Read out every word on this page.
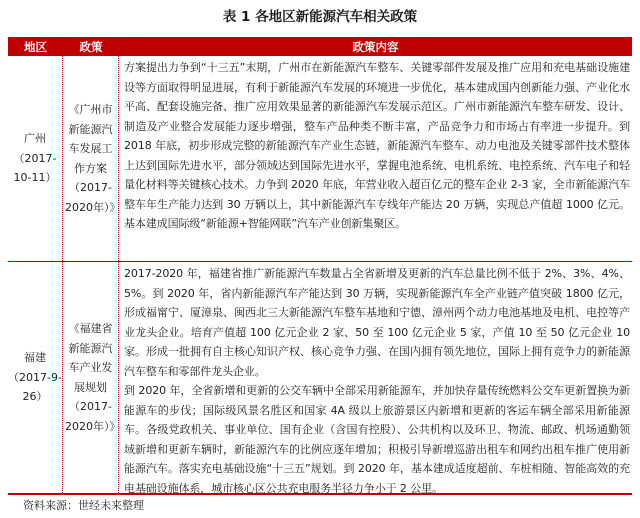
表 1 各地区新能源汽车相关政策
地区	政策	政策内容
广州（2017-10-11）
《广州市新能源汽车发展工作方案（2017-2020年）》

方案提出力争到“十三五”末期，广州市在新能源汽车整车、关键零部件发展及推广应用和充电基础设施建设等方面取得明显进展，有利于新能源汽车发展的环境进一步优化，基本建成国内创新能力强、产业化水平高、配套设施完备、推广应用效果显著的新能源汽车发展示范区。广州市新能源汽车整车研发、设计、制造及产业整合发展能力逐步增强，整车产品种类不断丰富，产品竞争力和市场占有率进一步提升。到 2018 年底，初步形成完整的新能源汽车产业生态链，新能源汽车整车、动力电池及关键零部件技术整体上达到国际先进水平，部分领域达到国际先进水平，掌握电池系统、电机系统、电控系统、汽车电子和轻量化材料等关键核心技术。力争到 2020 年底，年营业收入超百亿元的整车企业 2-3 家，全市新能源汽车整车年生产能力达到 30 万辆以上，其中新能源汽车专线年产能达 20 万辆，实现总产值超 1000 亿元。基本建成国际级“新能源+智能网联”汽车产业创新集聚区。

福建（2017-9-26）
《福建省新能源汽车产业发展规划（2017-2020年）》

2017-2020 年，福建省推广新能源汽车数量占全省新增及更新的汽车总量比例不低于 2%、3%、4%、5%。到 2020 年，省内新能源汽车产能达到 30 万辆，实现新能源汽车全产业链产值突破 1800 亿元，形成福甯宁、厦漳泉、闽西北三大新能源汽车整车基地和宁德、漳州两个动力电池基地及电机、电控等产业龙头企业。培育产值超 100 亿元企业 2 家、50 至 100 亿元企业 5 家，产值 10 至 50 亿元企业 10 家。形成一批拥有自主核心知识产权、核心竞争力强、在国内拥有领先地位，国际上拥有竞争力的新能源汽车整车和零部件龙头企业。

到 2020 年，全省新增和更新的公交车辆中全部采用新能源车，并加快存量传统燃料公交车更新置换为新能源车的步伐；国际级风景名胜区和国家 4A 级以上旅游景区内新增和更新的客运车辆全部采用新能源车。各级党政机关、事业单位、国有企业（含国有控股）、公共机构以及环卫、物流、邮政、机场通勤领域新增和更新车辆时，新能源汽车的比例应逐年增加；积极引导新增巡游出租车和网约出租车推广使用新能源汽车。落实充电基础设施“十三五”规划。到 2020 年，基本建成适度超前、车桩相随、智能高效的充电基础设施体系，城市核心区公共充电服务半径力争小于 2 公里。

资料来源：世经未来整理
